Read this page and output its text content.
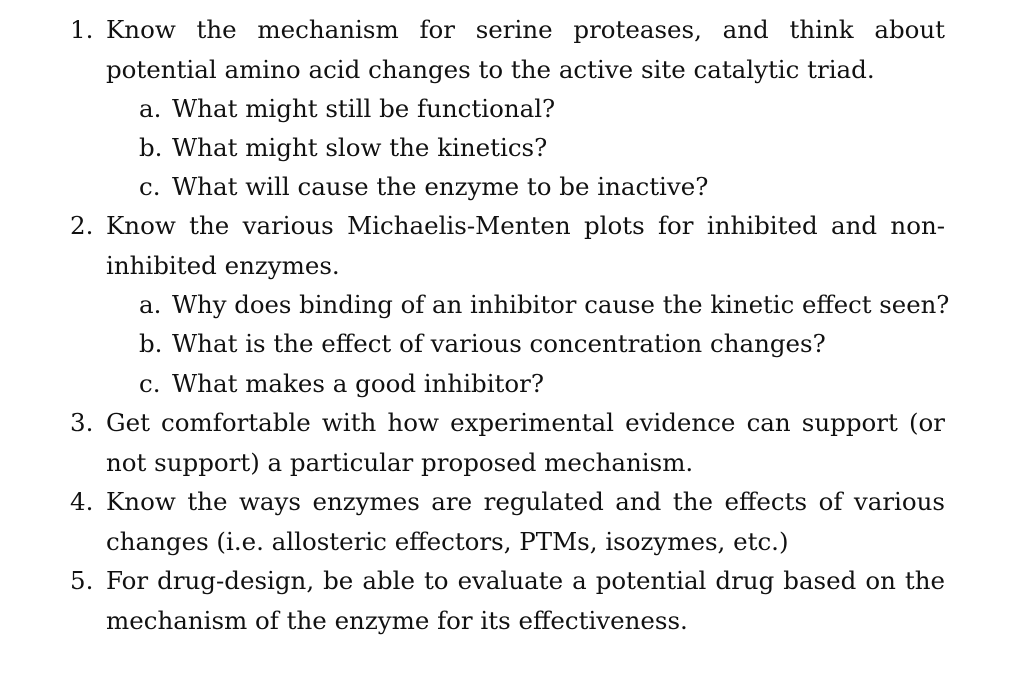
1. Know the mechanism for serine proteases, and think about
potential amino acid changes to the active site catalytic triad.
a. What might still be functional?
b. What might slow the kinetics?
c. What will cause the enzyme to be inactive?
2. Know the various Michaelis-Menten plots for inhibited and non-
inhibited enzymes.
a. Why does binding of an inhibitor cause the kinetic effect seen?
b. What is the effect of various concentration changes?
c. What makes a good inhibitor?
3. Get comfortable with how experimental evidence can support (or
not support) a particular proposed mechanism.
4. Know the ways enzymes are regulated and the effects of various
changes (i.e. allosteric effectors, PTMs, isozymes, etc.)
5. For drug-design, be able to evaluate a potential drug based on the
mechanism of the enzyme for its effectiveness.
